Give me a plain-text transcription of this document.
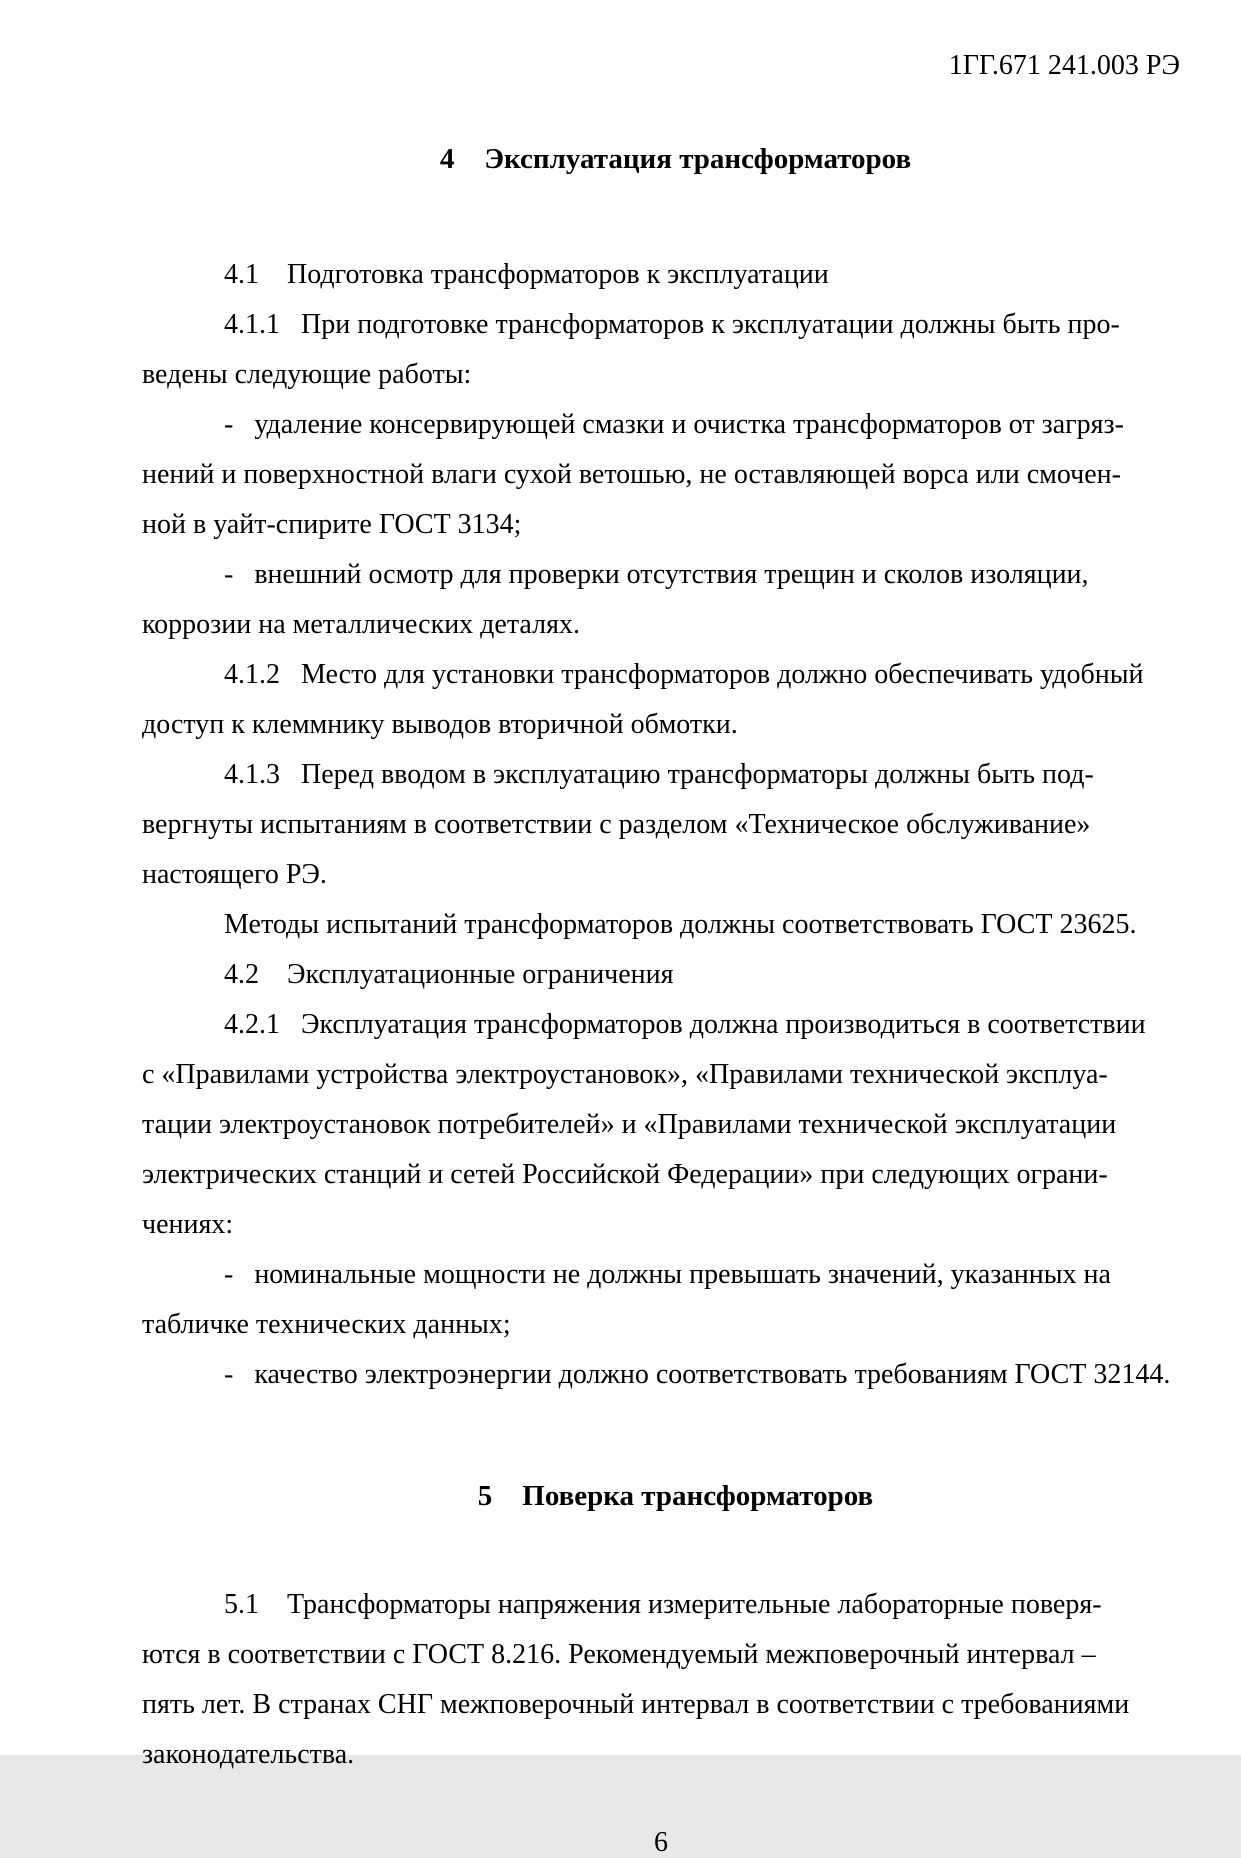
1ГГ.671 241.003 РЭ

4 Эксплуатация трансформаторов

4.1    Подготовка трансформаторов к эксплуатации
4.1.1   При подготовке трансформаторов к эксплуатации должны быть про-
ведены следующие работы:
-   удаление консервирующей смазки и очистка трансформаторов от загряз-
нений и поверхностной влаги сухой ветошью, не оставляющей ворса или смочен-
ной в уайт-спирите ГОСТ 3134;
-   внешний осмотр для проверки отсутствия трещин и сколов изоляции,
коррозии на металлических деталях.
4.1.2   Место для установки трансформаторов должно обеспечивать удобный
доступ к клеммнику выводов вторичной обмотки.
4.1.3   Перед вводом в эксплуатацию трансформаторы должны быть под-
вергнуты испытаниям в соответствии с разделом «Техническое обслуживание»
настоящего РЭ.
Методы испытаний трансформаторов должны соответствовать ГОСТ 23625.
4.2    Эксплуатационные ограничения
4.2.1   Эксплуатация трансформаторов должна производиться в соответствии
с «Правилами устройства электроустановок», «Правилами технической эксплуа-
тации электроустановок потребителей» и «Правилами технической эксплуатации
электрических станций и сетей Российской Федерации» при следующих ограни-
чениях:
-   номинальные мощности не должны превышать значений, указанных на
табличке технических данных;
-   качество электроэнергии должно соответствовать требованиям ГОСТ 32144.

5 Поверка трансформаторов

5.1    Трансформаторы напряжения измерительные лабораторные поверя-
ются в соответствии с ГОСТ 8.216. Рекомендуемый межповерочный интервал –
пять лет. В странах СНГ межповерочный интервал в соответствии с требованиями
законодательства.
6
